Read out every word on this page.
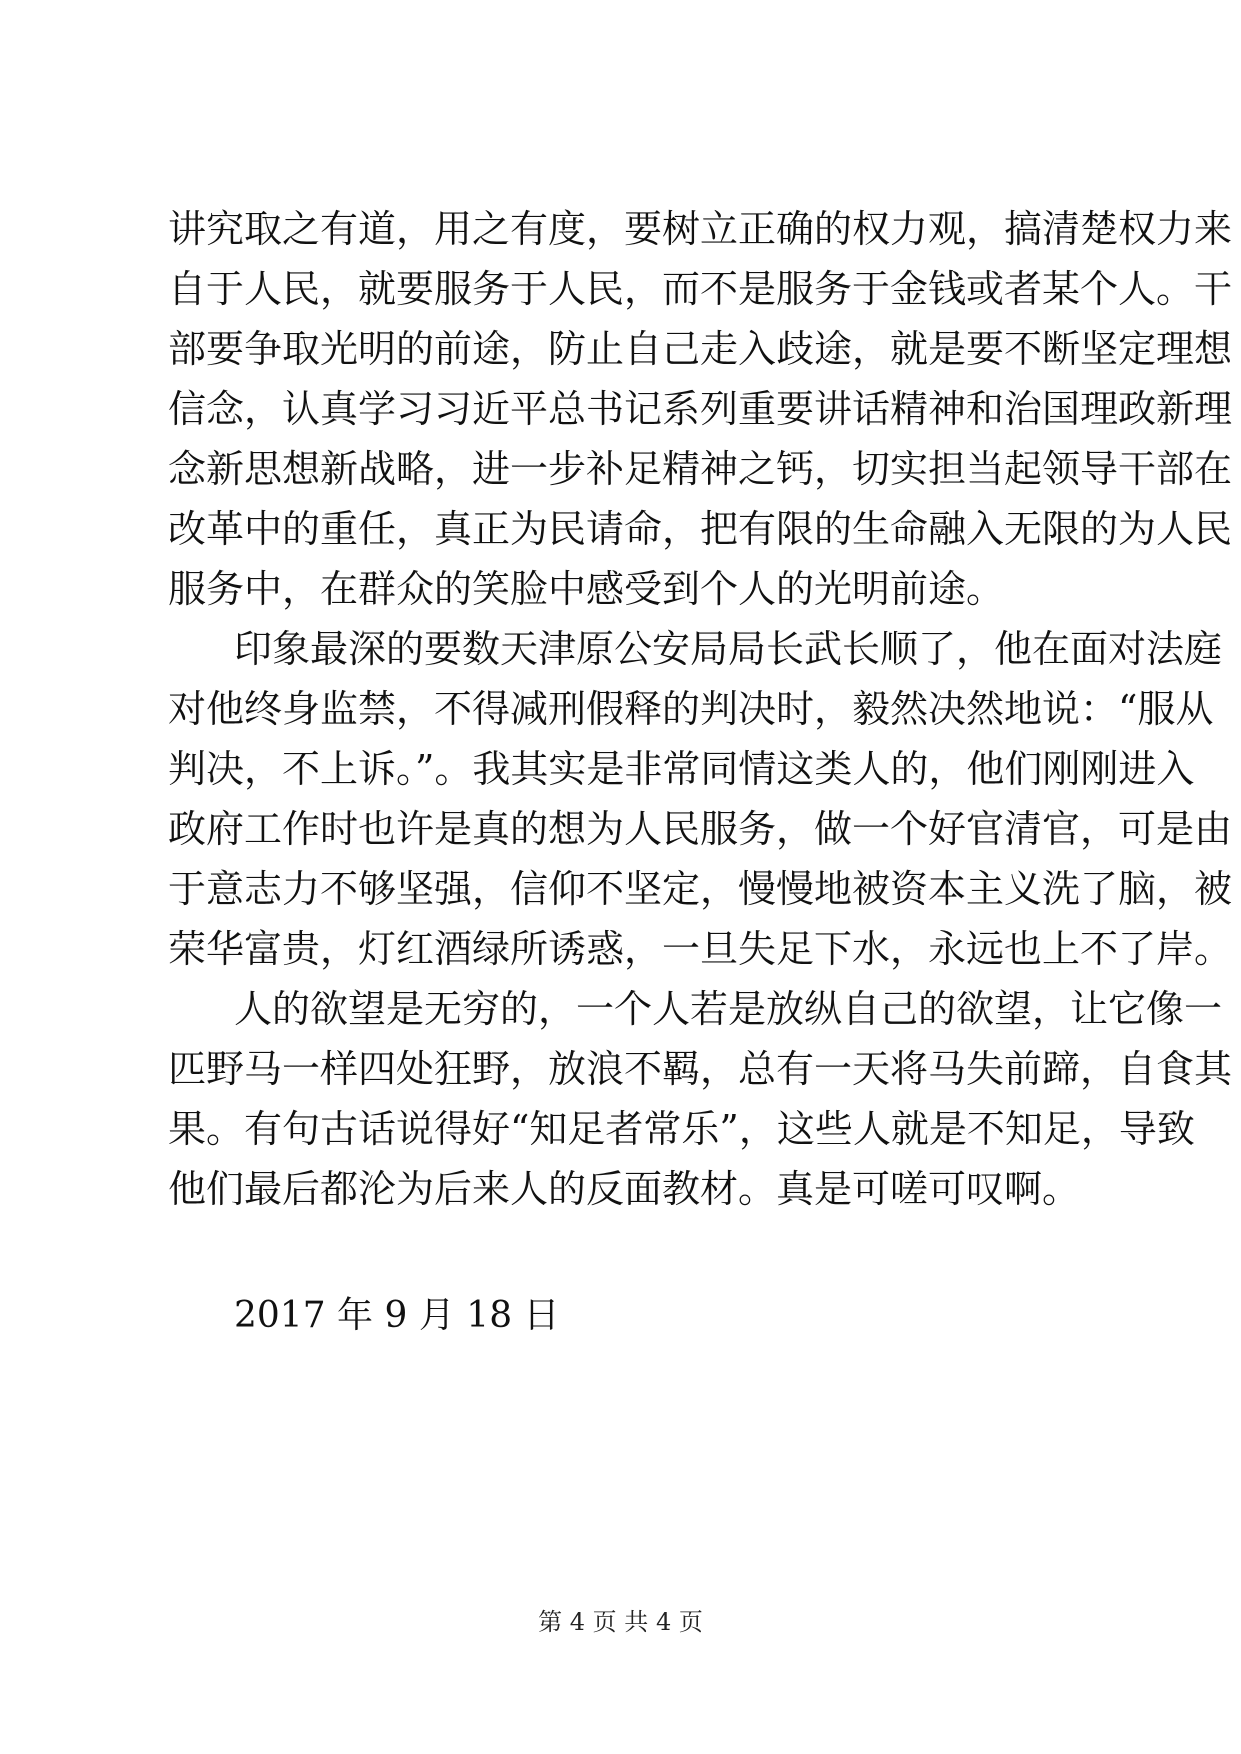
讲究取之有道，用之有度，要树立正确的权力观，搞清楚权力来
自于人民，就要服务于人民，而不是服务于金钱或者某个人。干
部要争取光明的前途，防止自己走入歧途，就是要不断坚定理想
信念，认真学习习近平总书记系列重要讲话精神和治国理政新理
念新思想新战略，进一步补足精神之钙，切实担当起领导干部在
改革中的重任，真正为民请命，把有限的生命融入无限的为人民
服务中，在群众的笑脸中感受到个人的光明前途。
印象最深的要数天津原公安局局长武长顺了，他在面对法庭
对他终身监禁，不得减刑假释的判决时，毅然决然地说：“服从
判决，不上诉。”。我其实是非常同情这类人的，他们刚刚进入
政府工作时也许是真的想为人民服务，做一个好官清官，可是由
于意志力不够坚强，信仰不坚定，慢慢地被资本主义洗了脑，被
荣华富贵，灯红酒绿所诱惑，一旦失足下水，永远也上不了岸。
人的欲望是无穷的，一个人若是放纵自己的欲望，让它像一
匹野马一样四处狂野，放浪不羁，总有一天将马失前蹄，自食其
果。有句古话说得好“知足者常乐”，这些人就是不知足，导致
他们最后都沦为后来人的反面教材。真是可嗟可叹啊。
2017 年 9 月 18 日
第 4 页 共 4 页
